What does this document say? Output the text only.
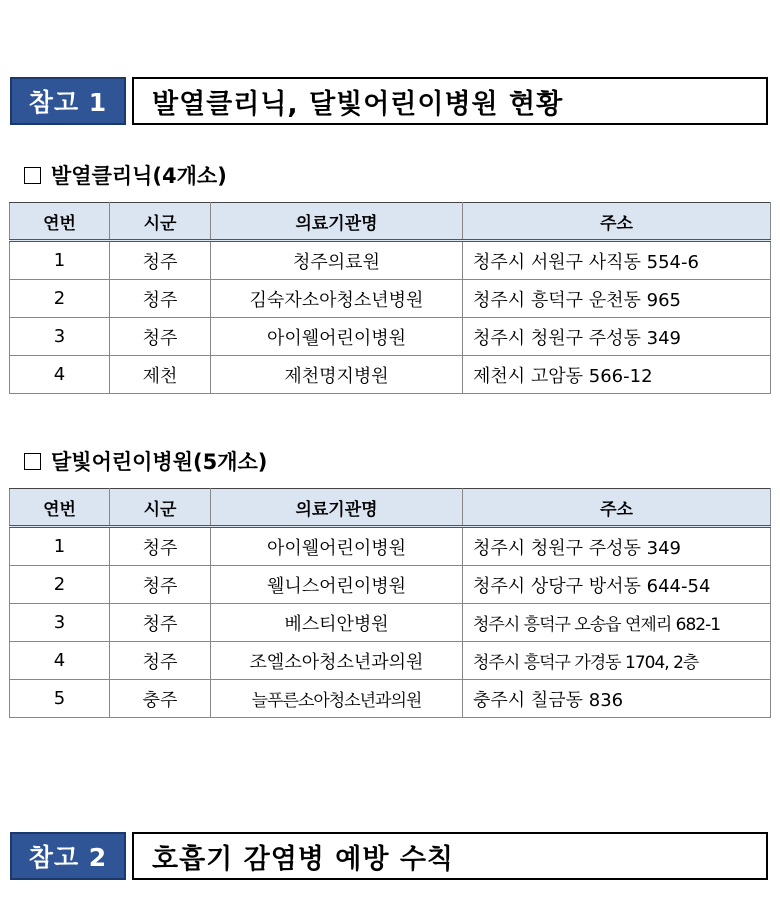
참고 1	발열클리닉, 달빛어린이병원 현황
발열클리닉(4개소)
연번	시군	의료기관명	주소
1	청주	청주의료원	청주시 서원구 사직동 554-6
2	청주	김숙자소아청소년병원	청주시 흥덕구 운천동 965
3	청주	아이웰어린이병원	청주시 청원구 주성동 349
4	제천	제천명지병원	제천시 고암동 566-12
달빛어린이병원(5개소)
연번	시군	의료기관명	주소
1	청주	아이웰어린이병원	청주시 청원구 주성동 349
2	청주	웰니스어린이병원	청주시 상당구 방서동 644-54
3	청주	베스티안병원	청주시 흥덕구 오송읍 연제리 682-1
4	청주	조엘소아청소년과의원	청주시 흥덕구 가경동 1704, 2층
5	충주	늘푸른소아청소년과의원	충주시 칠금동 836
참고 2	호흡기 감염병 예방 수칙
